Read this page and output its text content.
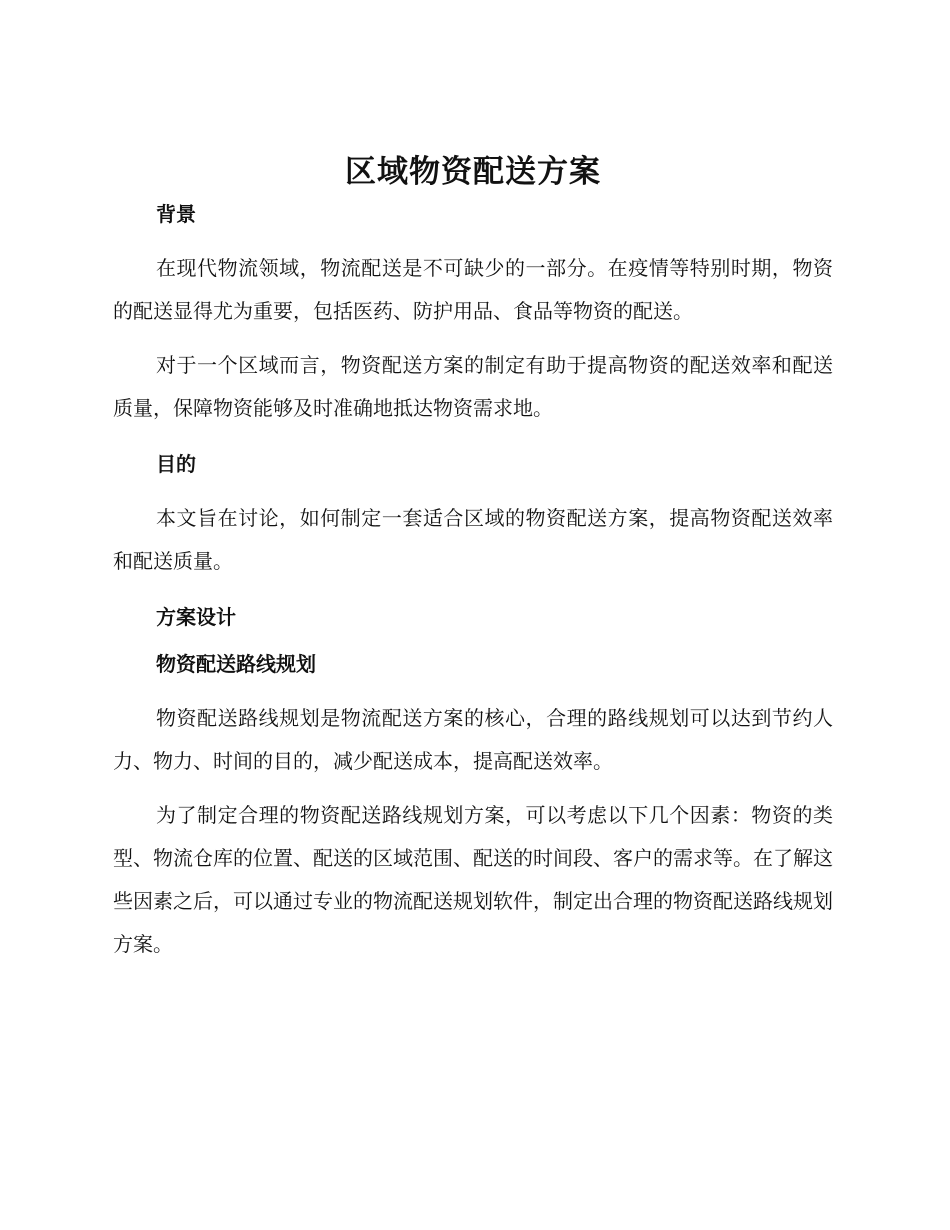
区域物资配送方案
背景

在现代物流领域，物流配送是不可缺少的一部分。在疫情等特别时期，物资的配送显得尤为重要，包括医药、防护用品、食品等物资的配送。

对于一个区域而言，物资配送方案的制定有助于提高物资的配送效率和配送质量，保障物资能够及时准确地抵达物资需求地。

目的

本文旨在讨论，如何制定一套适合区域的物资配送方案，提高物资配送效率和配送质量。

方案设计
物资配送路线规划

物资配送路线规划是物流配送方案的核心，合理的路线规划可以达到节约人力、物力、时间的目的，减少配送成本，提高配送效率。

为了制定合理的物资配送路线规划方案，可以考虑以下几个因素：物资的类型、物流仓库的位置、配送的区域范围、配送的时间段、客户的需求等。在了解这些因素之后，可以通过专业的物流配送规划软件，制定出合理的物资配送路线规划方案。
